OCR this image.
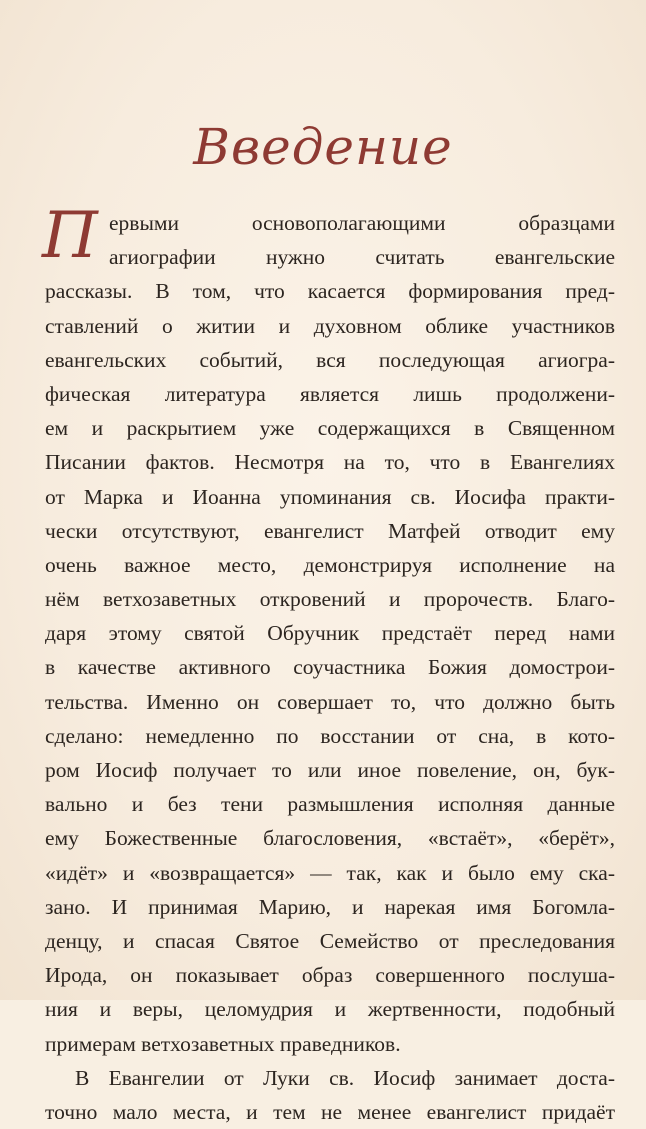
Введение
П ервыми основополагающими образцами
агиографии нужно считать евангельские
рассказы. В том, что касается формирования пред-
ставлений о житии и духовном облике участников
евангельских событий, вся последующая агиогра-
фическая литература является лишь продолжени-
ем и раскрытием уже содержащихся в Священном
Писании фактов. Несмотря на то, что в Евангелиях
от Марка и Иоанна упоминания св. Иосифа практи-
чески отсутствуют, евангелист Матфей отводит ему
очень важное место, демонстрируя исполнение на
нём ветхозаветных откровений и пророчеств. Благо-
даря этому святой Обручник предстаёт перед нами
в качестве активного соучастника Божия домострои-
тельства. Именно он совершает то, что должно быть
сделано: немедленно по восстании от сна, в кото-
ром Иосиф получает то или иное повеление, он, бук-
вально и без тени размышления исполняя данные
ему Божественные благословения, «встаёт», «берёт»,
«идёт» и «возвращается» — так, как и было ему ска-
зано. И принимая Марию, и нарекая имя Богомла-
денцу, и спасая Святое Семейство от преследования
Ирода, он показывает образ совершенного послуша-
ния и веры, целомудрия и жертвенности, подобный
примерам ветхозаветных праведников.
В Евангелии от Луки св. Иосиф занимает доста-
точно мало места, и тем не менее евангелист придаёт
